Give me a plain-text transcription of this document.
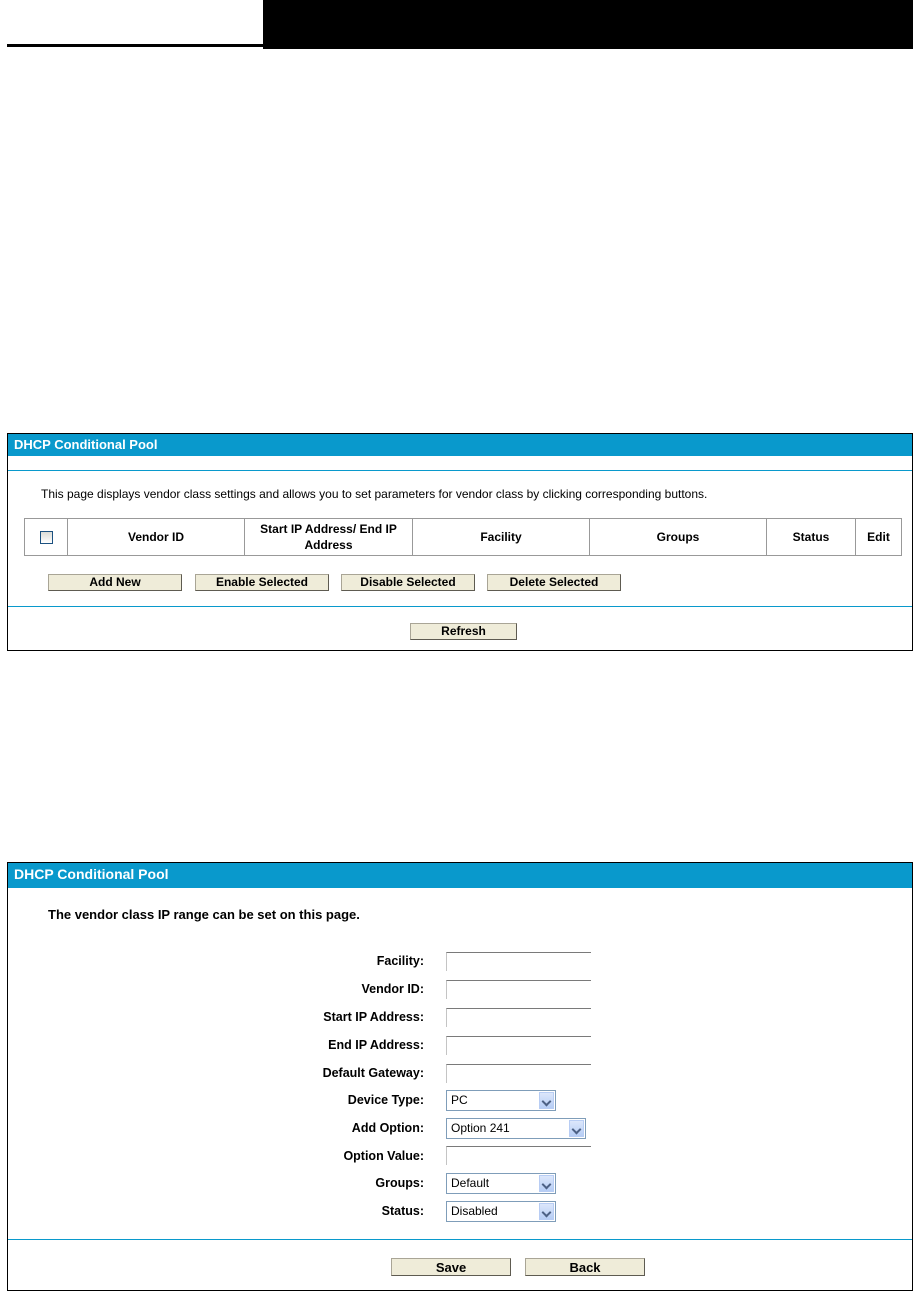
DHCP Conditional Pool
This page displays vendor class settings and allows you to set parameters for vendor class by clicking corresponding buttons.
	Vendor ID	Start IP Address/ End IP Address	Facility	Groups	Status	Edit
Add New	Enable Selected	Disable Selected	Delete Selected
Refresh
DHCP Conditional Pool
The vendor class IP range can be set on this page.
Facility:
Vendor ID:
Start IP Address:
End IP Address:
Default Gateway:
Device Type:	PC
Add Option:	Option 241
Option Value:
Groups:	Default
Status:	Disabled
Save	Back
